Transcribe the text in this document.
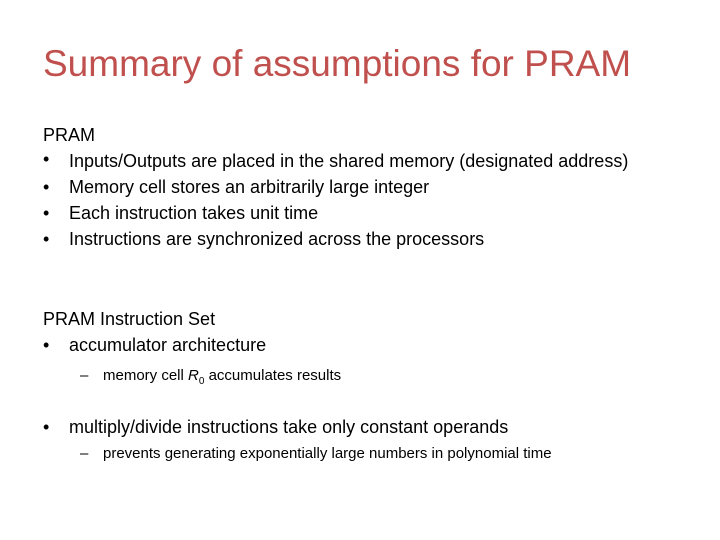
Summary of assumptions for PRAM
PRAM
•	Inputs/Outputs are placed in the shared memory (designated address)
•	Memory cell stores an arbitrarily large integer
•	Each instruction takes unit time
•	Instructions are synchronized across the processors
PRAM Instruction Set
•	accumulator architecture
– memory cell $R_0$ accumulates results
•	multiply/divide instructions take only constant operands
– prevents generating exponentially large numbers in polynomial time
